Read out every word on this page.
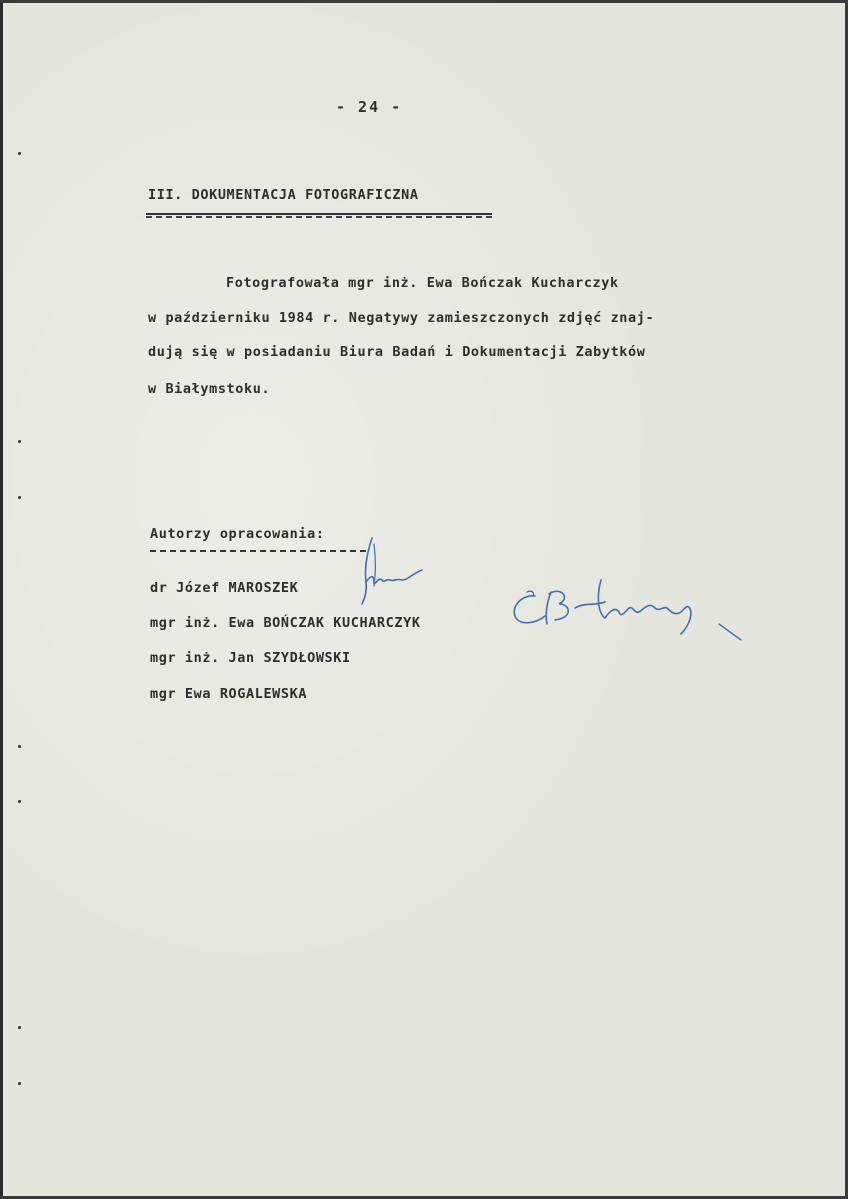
- 24 -
III. DOKUMENTACJA FOTOGRAFICZNA
Fotografowała mgr inż. Ewa Bończak Kucharczyk
w październiku 1984 r. Negatywy zamieszczonych zdjęć znaj-
dują się w posiadaniu Biura Badań i Dokumentacji Zabytków
w Białymstoku.
Autorzy opracowania:
dr Józef MAROSZEK
mgr inż. Ewa BOŃCZAK KUCHARCZYK
mgr inż. Jan SZYDŁOWSKI
mgr Ewa ROGALEWSKA
